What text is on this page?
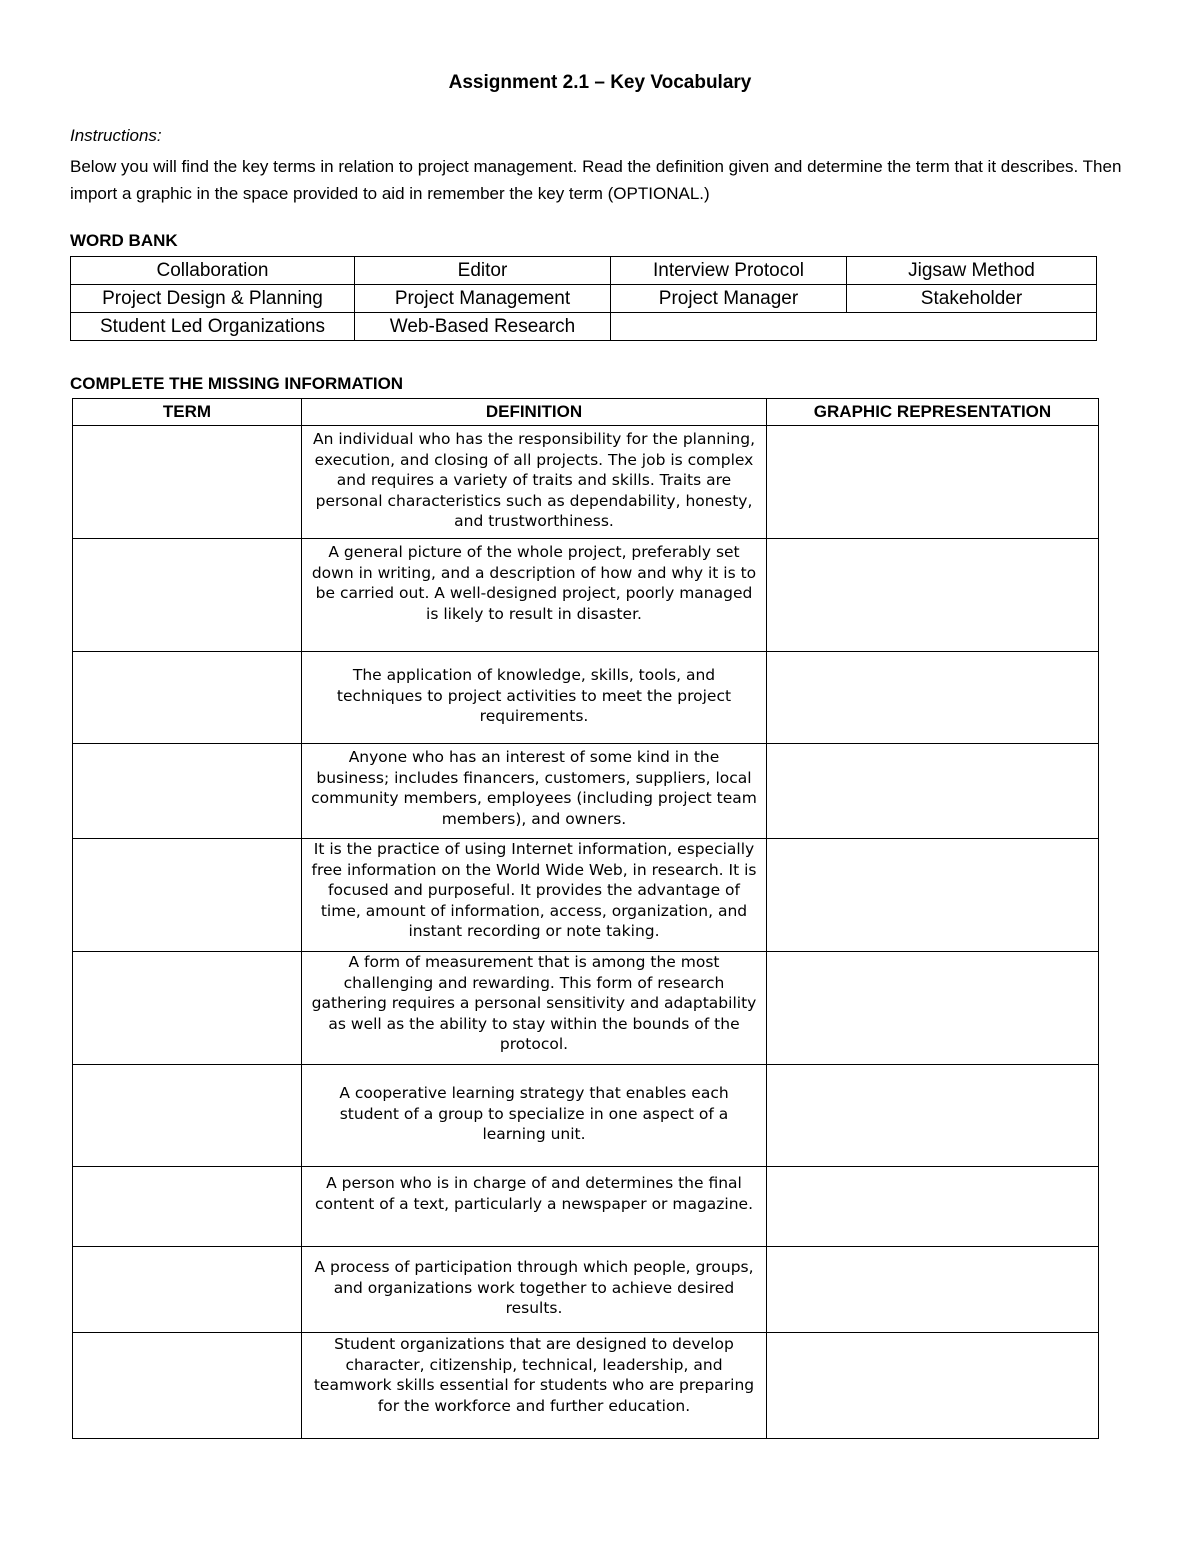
Assignment 2.1 – Key Vocabulary
Instructions:
Below you will find the key terms in relation to project management. Read the definition given and determine the term that it describes. Then import a graphic in the space provided to aid in remember the key term (OPTIONAL.)
WORD BANK
Collaboration	Editor	Interview Protocol	Jigsaw Method
Project Design & Planning	Project Management	Project Manager	Stakeholder
Student Led Organizations	Web-Based Research		
COMPLETE THE MISSING INFORMATION
TERM	DEFINITION	GRAPHIC REPRESENTATION

	An individual who has the responsibility for the planning, execution, and closing of all projects. The job is complex and requires a variety of traits and skills. Traits are personal characteristics such as dependability, honesty, and trustworthiness.	

	A general picture of the whole project, preferably set down in writing, and a description of how and why it is to be carried out. A well-designed project, poorly managed is likely to result in disaster.	

	The application of knowledge, skills, tools, and techniques to project activities to meet the project requirements.	

	Anyone who has an interest of some kind in the business; includes financers, customers, suppliers, local community members, employees (including project team members), and owners.	

	It is the practice of using Internet information, especially free information on the World Wide Web, in research. It is focused and purposeful. It provides the advantage of time, amount of information, access, organization, and instant recording or note taking.	

	A form of measurement that is among the most challenging and rewarding. This form of research gathering requires a personal sensitivity and adaptability as well as the ability to stay within the bounds of the protocol.	

	A cooperative learning strategy that enables each student of a group to specialize in one aspect of a learning unit.	

	A person who is in charge of and determines the final content of a text, particularly a newspaper or magazine.	

	A process of participation through which people, groups, and organizations work together to achieve desired results.	

	Student organizations that are designed to develop character, citizenship, technical, leadership, and teamwork skills essential for students who are preparing for the workforce and further education.	
